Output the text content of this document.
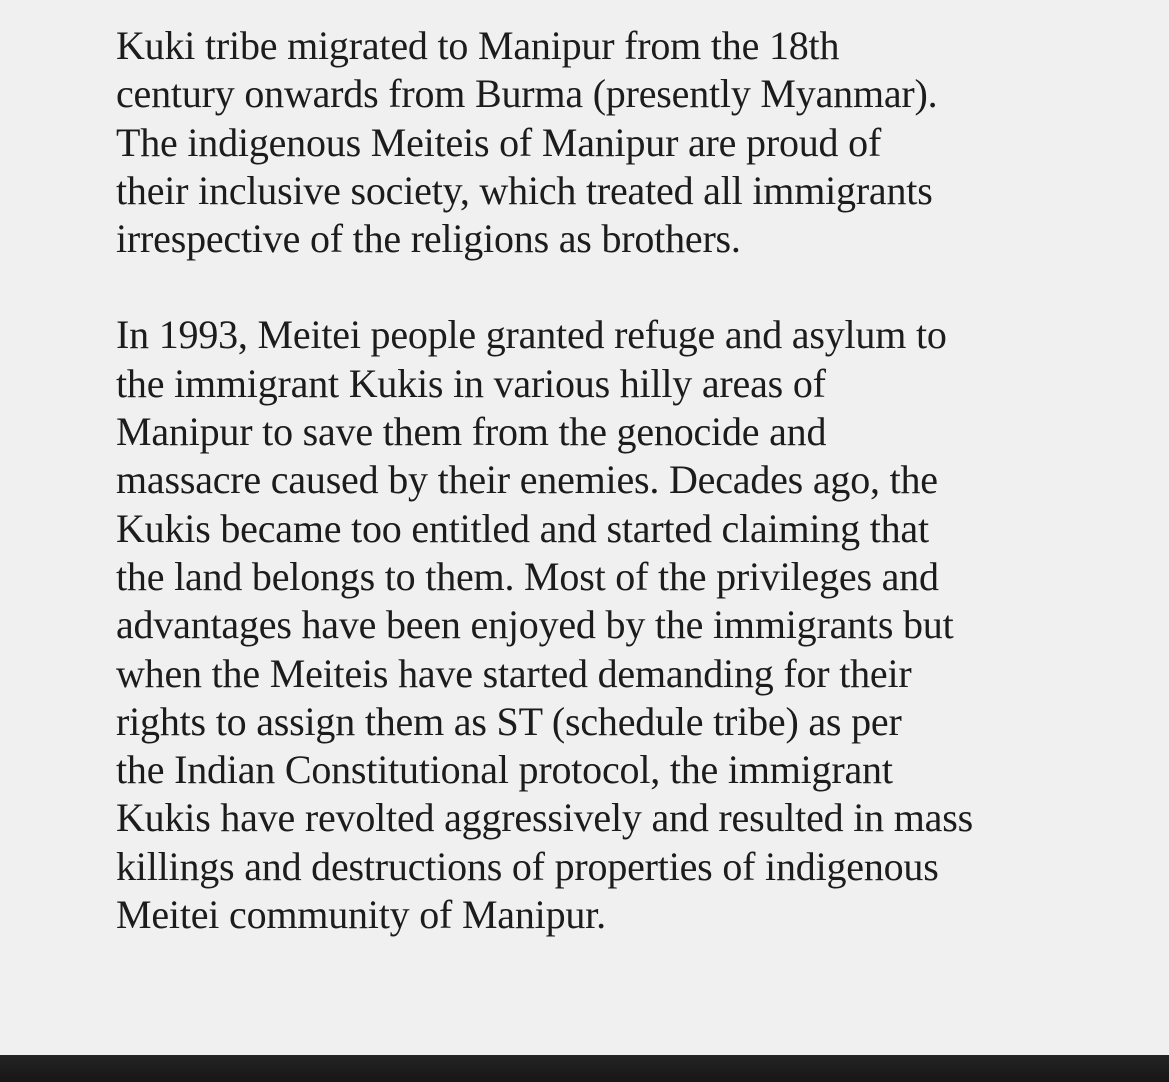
Kuki tribe migrated to Manipur from the 18th
century onwards from Burma (presently Myanmar).
The indigenous Meiteis of Manipur are proud of
their inclusive society, which treated all immigrants
irrespective of the religions as brothers.

In 1993, Meitei people granted refuge and asylum to
the immigrant Kukis in various hilly areas of
Manipur to save them from the genocide and
massacre caused by their enemies. Decades ago, the
Kukis became too entitled and started claiming that
the land belongs to them. Most of the privileges and
advantages have been enjoyed by the immigrants but
when the Meiteis have started demanding for their
rights to assign them as ST (schedule tribe) as per
the Indian Constitutional protocol, the immigrant
Kukis have revolted aggressively and resulted in mass
killings and destructions of properties of indigenous
Meitei community of Manipur.
